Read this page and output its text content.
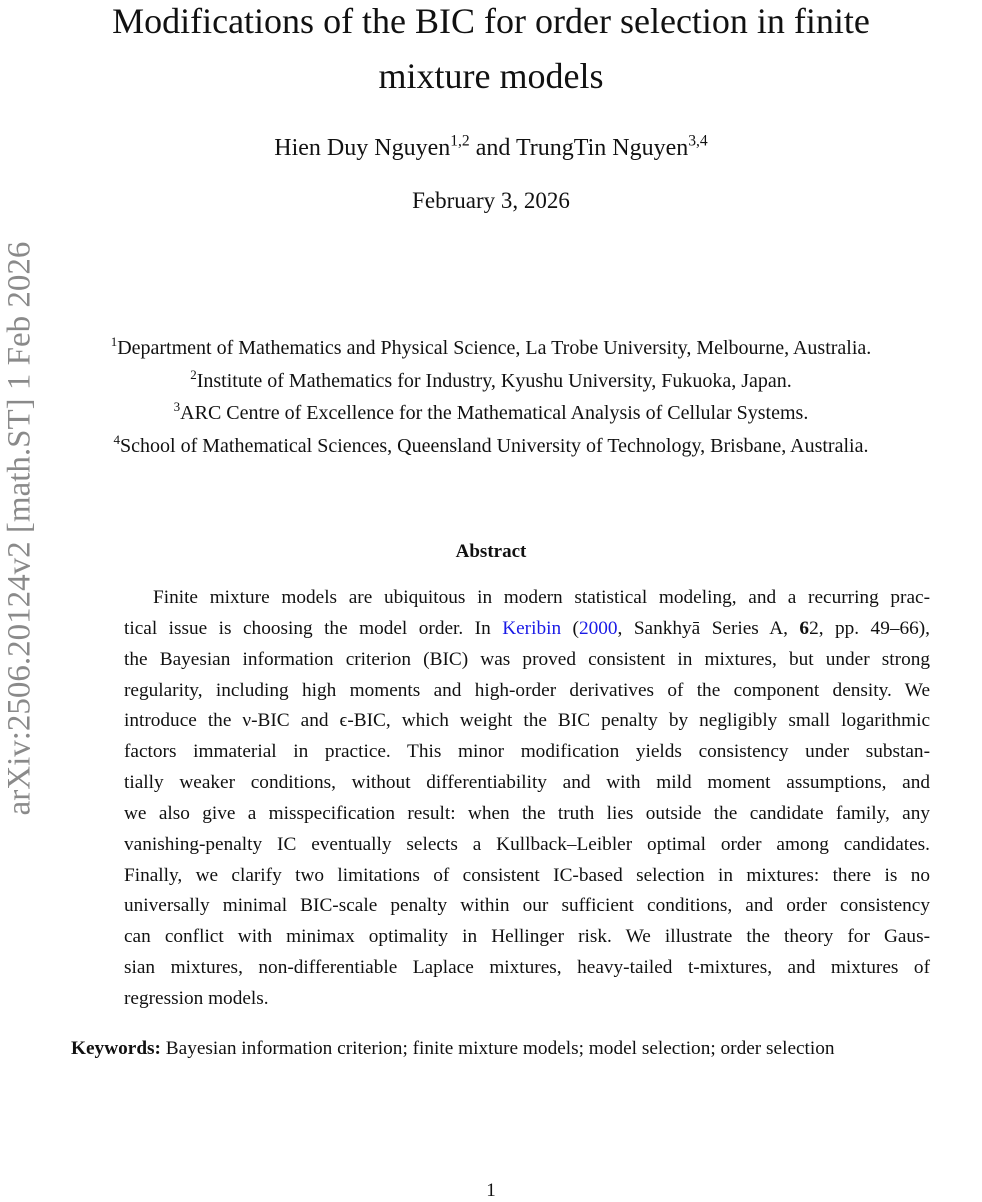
arXiv:2506.20124v2 [math.ST] 1 Feb 2026
Modifications of the BIC for order selection in finite
mixture models
Hien Duy Nguyen$^{1,2}$ and TrungTin Nguyen$^{3,4}$
February 3, 2026
$^1$Department of Mathematics and Physical Science, La Trobe University, Melbourne, Australia.
$^2$Institute of Mathematics for Industry, Kyushu University, Fukuoka, Japan.
$^3$ARC Centre of Excellence for the Mathematical Analysis of Cellular Systems.
$^4$School of Mathematical Sciences, Queensland University of Technology, Brisbane, Australia.
Abstract
Finite mixture models are ubiquitous in modern statistical modeling, and a recurring prac-
tical issue is choosing the model order. In Keribin (2000, Sankhyā Series A, 62, pp. 49–66),
the Bayesian information criterion (BIC) was proved consistent in mixtures, but under strong
regularity, including high moments and high-order derivatives of the component density. We
introduce the ν-BIC and ϵ-BIC, which weight the BIC penalty by negligibly small logarithmic
factors immaterial in practice. This minor modification yields consistency under substan-
tially weaker conditions, without differentiability and with mild moment assumptions, and
we also give a misspecification result: when the truth lies outside the candidate family, any
vanishing-penalty IC eventually selects a Kullback–Leibler optimal order among candidates.
Finally, we clarify two limitations of consistent IC-based selection in mixtures: there is no
universally minimal BIC-scale penalty within our sufficient conditions, and order consistency
can conflict with minimax optimality in Hellinger risk. We illustrate the theory for Gaus-
sian mixtures, non-differentiable Laplace mixtures, heavy-tailed t-mixtures, and mixtures of
regression models.
Keywords: Bayesian information criterion; finite mixture models; model selection; order selection
1
